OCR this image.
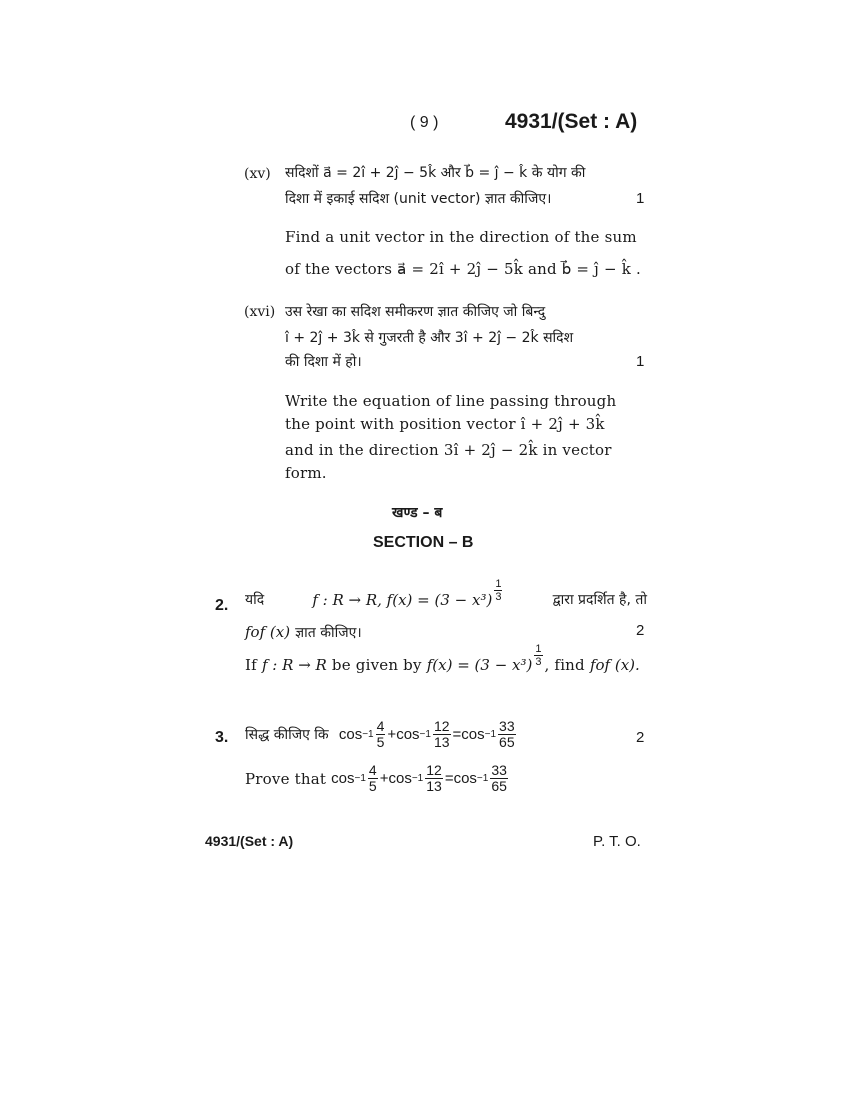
( 9 )	4931/(Set : A)
(xv) सदिशों a⃗ = 2î + 2ĵ − 5k̂ और b⃗ = ĵ − k̂ के योग की
दिशा में इकाई सदिश (unit vector) ज्ञात कीजिए।	1
Find a unit vector in the direction of the sum
of the vectors a⃗ = 2î + 2ĵ − 5k̂ and b⃗ = ĵ − k̂ .
(xvi) उस रेखा का सदिश समीकरण ज्ञात कीजिए जो बिन्दु
î + 2ĵ + 3k̂ से गुजरती है और 3î + 2ĵ − 2k̂ सदिश
की दिशा में हो।	1
Write the equation of line passing through
the point with position vector î + 2ĵ + 3k̂
and in the direction 3î + 2ĵ − 2k̂ in vector
form.
खण्ड – ब
SECTION – B
2. यदि	f : R → R, $f(x) = (3 - x^3) \frac{1}{3}$	द्वारा प्रदर्शित है, तो
fof (x) ज्ञात कीजिए।	2
If
f : R → R
be given by
$f(x) = (3 - x^3) \frac{1}{3}$ , find
fof (x).
3. सिद्ध कीजिए कि
$\cos -1 \frac{4}{5} + \cos -1 \frac{12}{13} = \cos -1 \frac{33}{65}$	2
Prove that
$\cos -1 \frac{4}{5} + \cos -1 \frac{12}{13} = \cos -1 \frac{33}{65}$
4931/(Set : A)	P. T. O.
